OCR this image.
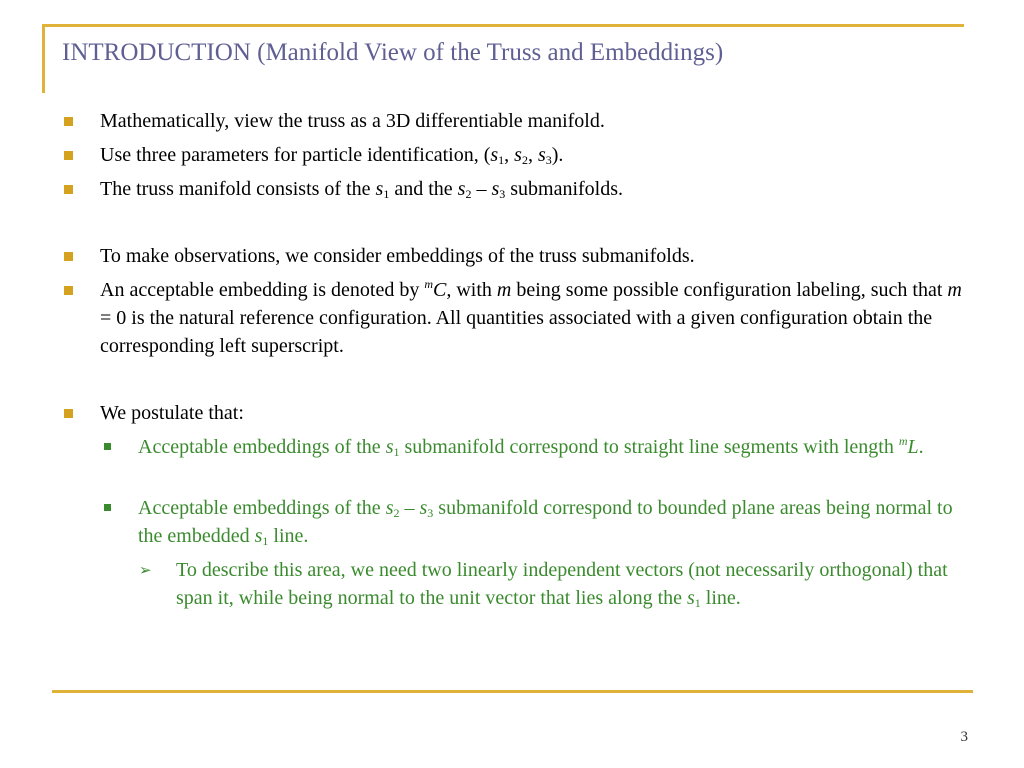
INTRODUCTION (Manifold View of the Truss and Embeddings)
Mathematically, view the truss as a 3D differentiable manifold.
Use three parameters for particle identification, ($s_1$, $s_2$, $s_3$).
The truss manifold consists of the $s_1$ and the $s_2 - s_3$ submanifolds.
To make observations, we consider embeddings of the truss submanifolds.
An acceptable embedding is denoted by $^m$C, with m being some possible configuration labeling, such that m = 0 is the natural reference configuration. All quantities associated with a given configuration obtain the corresponding left superscript.
We postulate that:
Acceptable embeddings of the $s_1$ submanifold correspond to straight line segments with length $^m$L.
Acceptable embeddings of the $s_2 - s_3$ submanifold correspond to bounded plane areas being normal to the embedded $s_1$ line.
➢ To describe this area, we need two linearly independent vectors (not necessarily orthogonal) that span it, while being normal to the unit vector that lies along the $s_1$ line.
3
